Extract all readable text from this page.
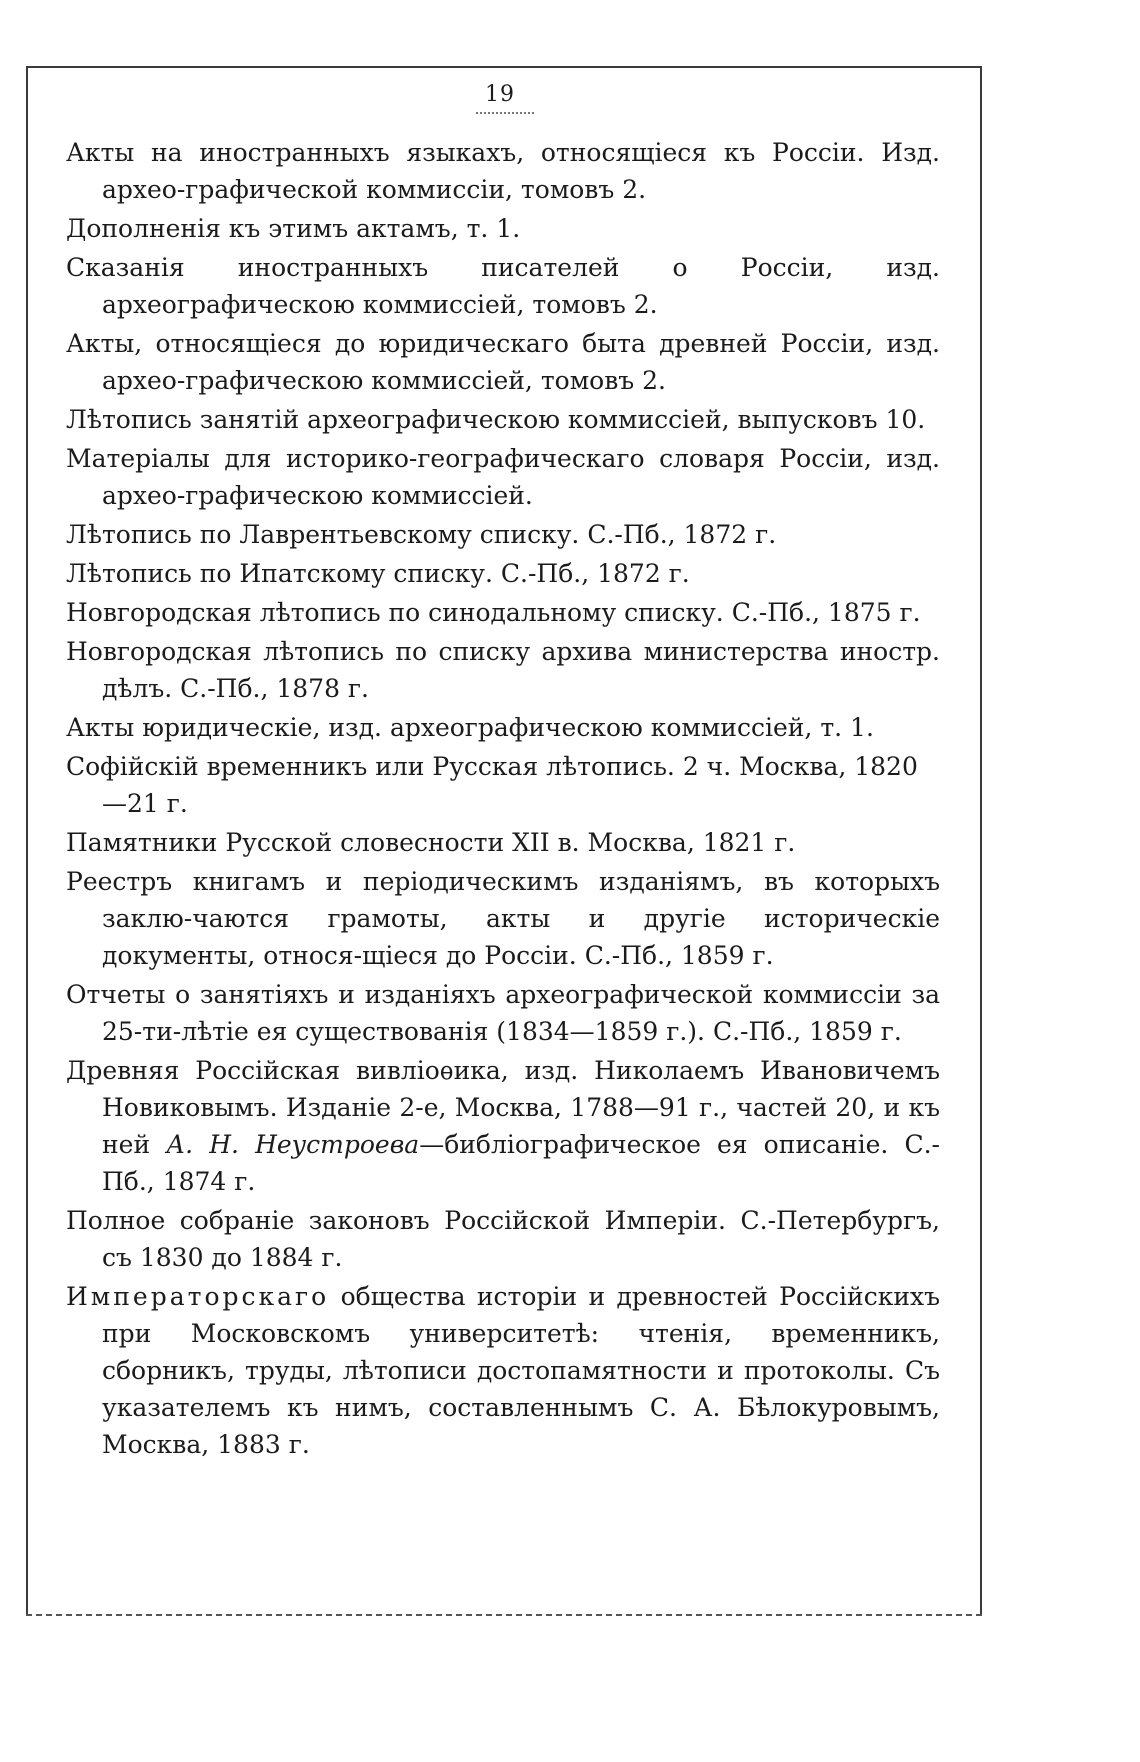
19

Акты на иностранныхъ языкахъ, относящіеся къ Россіи. Изд. архео-графической коммиссіи, томовъ 2.

Дополненія къ этимъ актамъ, т. 1.

Сказанія иностранныхъ писателей о Россіи, изд. археографическою коммиссіей, томовъ 2.

Акты, относящіеся до юридическаго быта древней Россіи, изд. архео-графическою коммиссіей, томовъ 2.

Лѣтопись занятій археографическою коммиссіей, выпусковъ 10.

Матеріалы для историко-географическаго словаря Россіи, изд. архео-графическою коммиссіей.

Лѣтопись по Лаврентьевскому списку. С.-Пб., 1872 г.

Лѣтопись по Ипатскому списку. С.-Пб., 1872 г.

Новгородская лѣтопись по синодальному списку. С.-Пб., 1875 г.

Новгородская лѣтопись по списку архива министерства иностр. дѣлъ. С.-Пб., 1878 г.

Акты юридическіе, изд. археографическою коммиссіей, т. 1.

Софійскій временникъ или Русская лѣтопись. 2 ч. Москва, 1820—21 г.

Памятники Русской словесности XII в. Москва, 1821 г.

Реестръ книгамъ и періодическимъ изданіямъ, въ которыхъ заклю-чаются грамоты, акты и другіе историческіе документы, относя-щіеся до Россіи. С.-Пб., 1859 г.

Отчеты о занятіяхъ и изданіяхъ археографической коммиссіи за 25-ти-лѣтіе ея существованія (1834—1859 г.). С.-Пб., 1859 г.

Древняя Россійская вивліоѳика, изд. Николаемъ Ивановичемъ Новиковымъ. Изданіе 2-е, Москва, 1788—91 г., частей 20, и къ ней А. Н. Неустроева—библіографическое ея описаніе. С.-Пб., 1874 г.

Полное собраніе законовъ Россійской Имперіи. С.-Петербургъ, съ 1830 до 1884 г.

Императорскаго общества исторіи и древностей Россійскихъ при Московскомъ университетѣ: чтенія, временникъ, сборникъ, труды, лѣтописи достопамятности и протоколы. Съ указателемъ къ нимъ, составленнымъ С. А. Бѣлокуровымъ, Москва, 1883 г.
